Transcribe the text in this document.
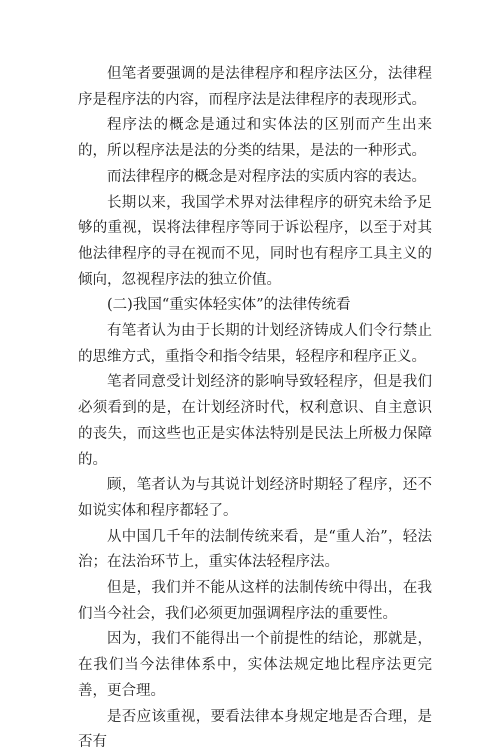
但笔者要强调的是法律程序和程序法区分，法律程序是程序法的内容，而程序法是法律程序的表现形式。

程序法的概念是通过和实体法的区别而产生出来的，所以程序法是法的分类的结果，是法的一种形式。

而法律程序的概念是对程序法的实质内容的表达。

长期以来，我国学术界对法律程序的研究未给予足够的重视，误将法律程序等同于诉讼程序，以至于对其他法律程序的寻在视而不见，同时也有程序工具主义的倾向，忽视程序法的独立价值。

(二)我国“重实体轻实体”的法律传统看

有笔者认为由于长期的计划经济铸成人们令行禁止的思维方式，重指令和指令结果，轻程序和程序正义。

笔者同意受计划经济的影响导致轻程序，但是我们必须看到的是，在计划经济时代，权利意识、自主意识的丧失，而这些也正是实体法特别是民法上所极力保障的。

顾，笔者认为与其说计划经济时期轻了程序，还不如说实体和程序都轻了。

从中国几千年的法制传统来看，是“重人治”，轻法治；在法治环节上，重实体法轻程序法。

但是，我们并不能从这样的法制传统中得出，在我们当今社会，我们必须更加强调程序法的重要性。

因为，我们不能得出一个前提性的结论，那就是，在我们当今法律体系中，实体法规定地比程序法更完善，更合理。

是否应该重视，要看法律本身规定地是否合理，是否有
